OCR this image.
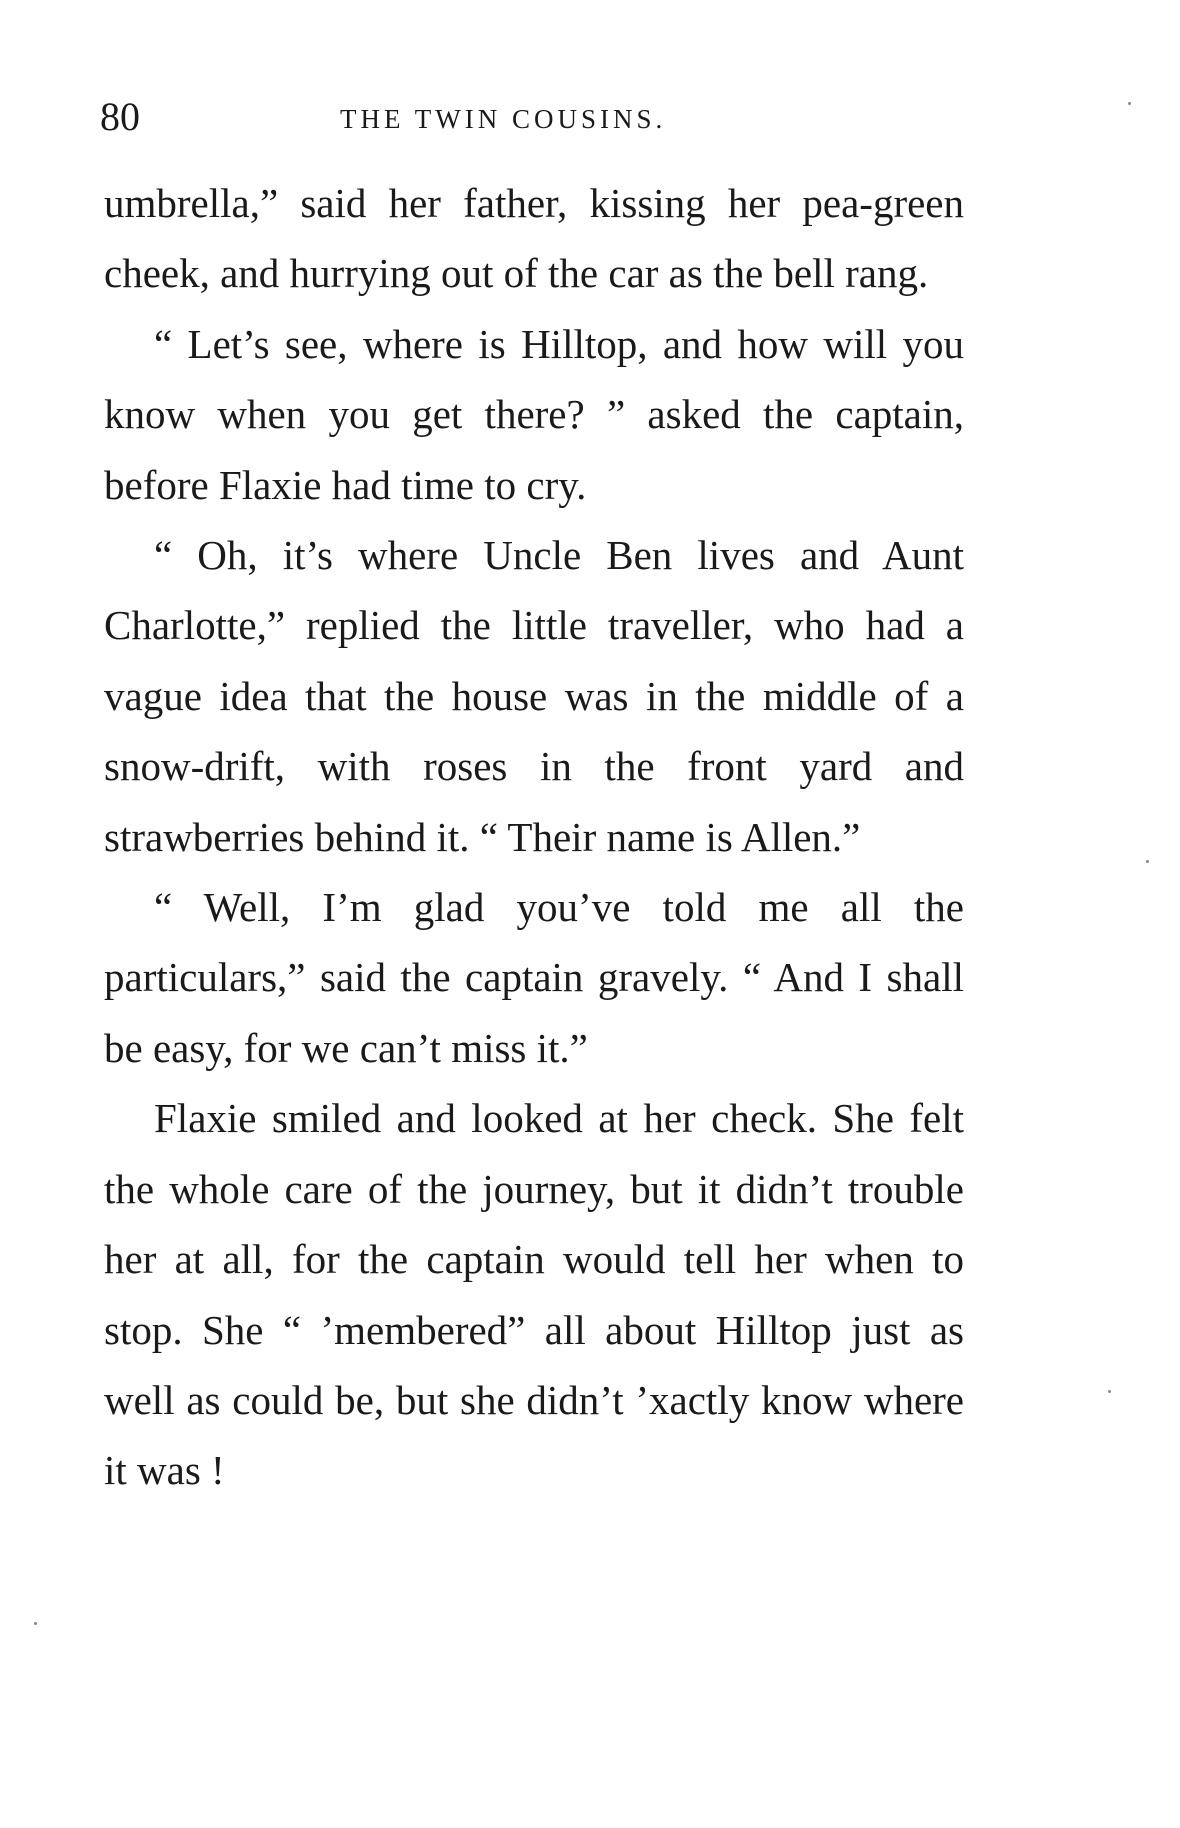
80	THE TWIN COUSINS.

umbrella,” said her father, kissing her pea-green cheek, and hurrying out of the car as the bell rang.

“ Let’s see, where is Hilltop, and how will you know when you get there? ” asked the captain, before Flaxie had time to cry.

“ Oh, it’s where Uncle Ben lives and Aunt Charlotte,” replied the little traveller, who had a vague idea that the house was in the middle of a snow-drift, with roses in the front yard and strawberries behind it. “ Their name is Allen.”

“ Well, I’m glad you’ve told me all the particulars,” said the captain gravely. “ And I shall be easy, for we can’t miss it.”

Flaxie smiled and looked at her check. She felt the whole care of the journey, but it didn’t trouble her at all, for the captain would tell her when to stop. She “ ’membered” all about Hilltop just as well as could be, but she didn’t ’xactly know where it was !
